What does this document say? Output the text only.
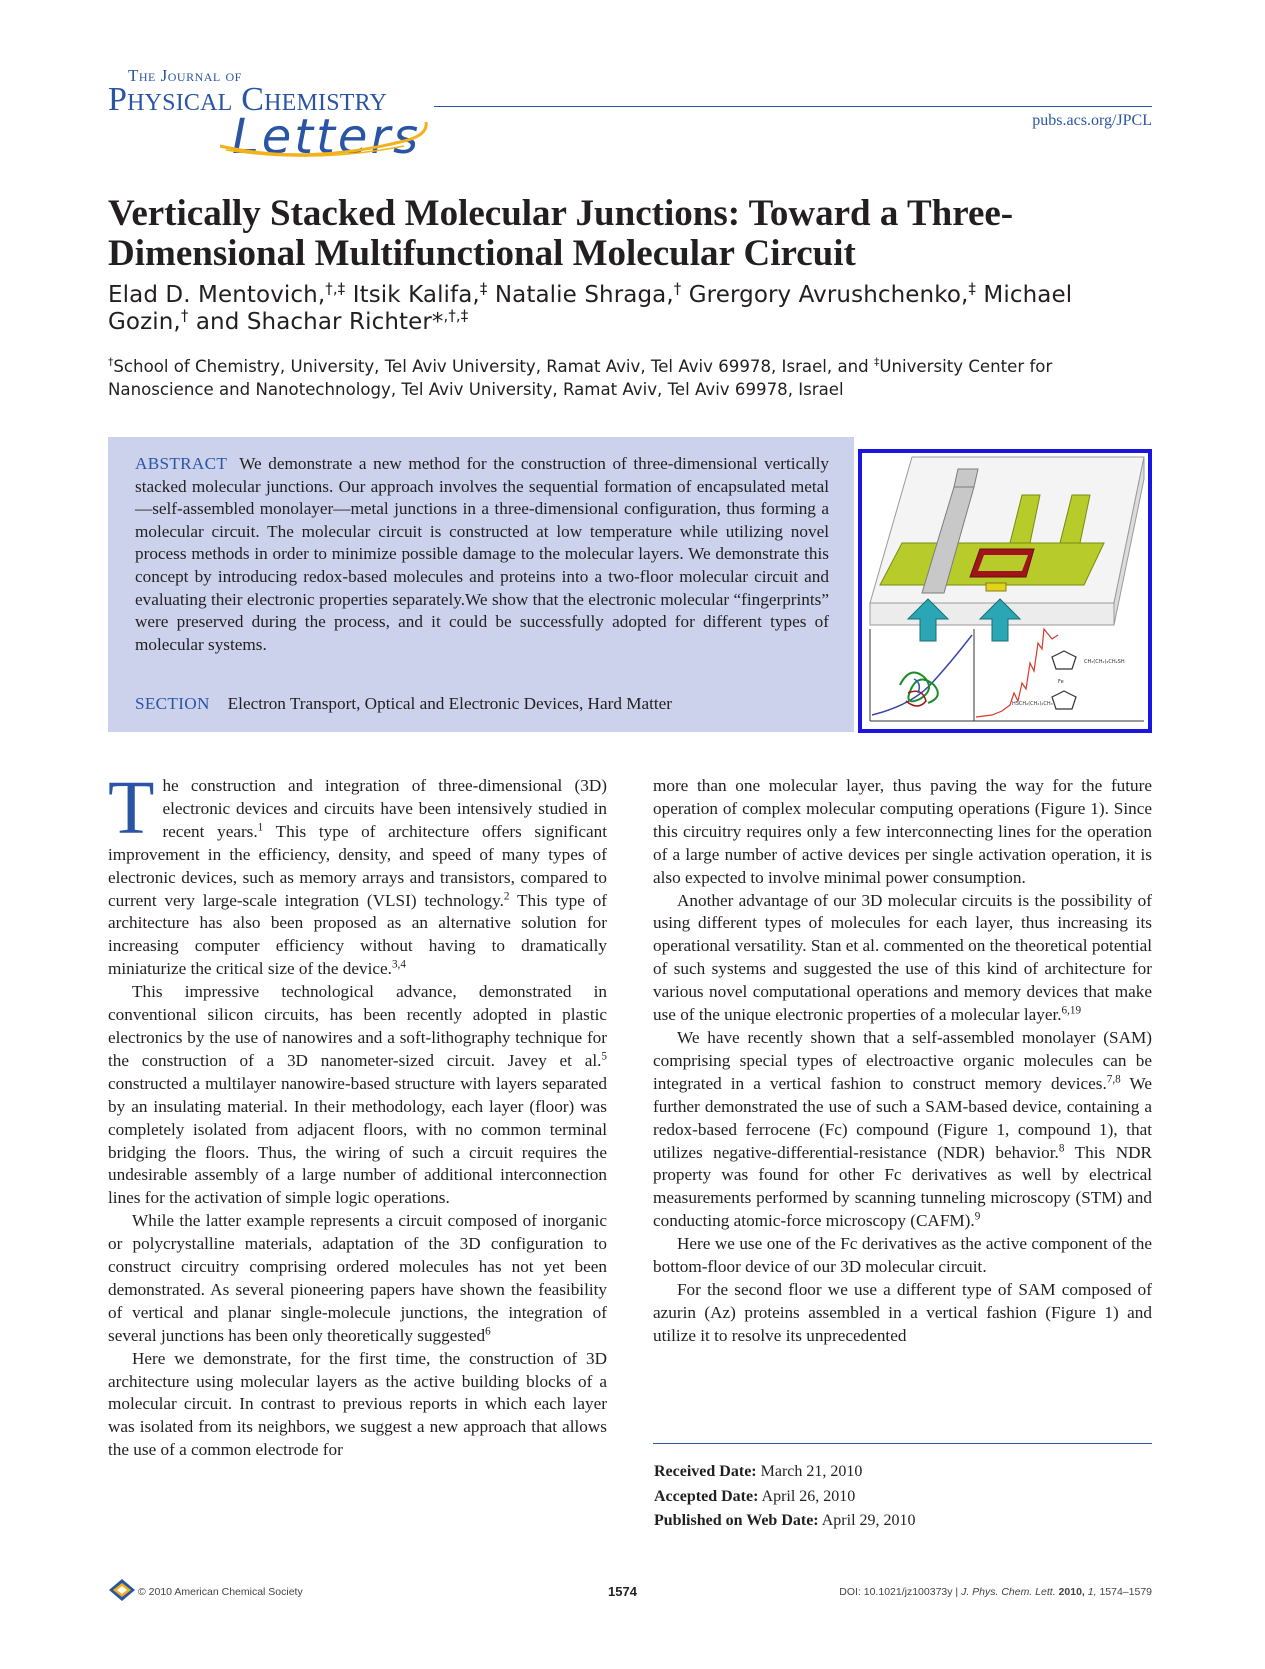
The Journal of
Physical Chemistry
Letters	pubs.acs.org/JPCL
Vertically Stacked Molecular Junctions: Toward a Three-Dimensional Multifunctional Molecular Circuit
Elad D. Mentovich,†,‡ Itsik Kalifa,‡ Natalie Shraga,† Grergory Avrushchenko,‡ Michael Gozin,† and Shachar Richter*,†,‡
†School of Chemistry, University, Tel Aviv University, Ramat Aviv, Tel Aviv 69978, Israel, and ‡University Center for Nanoscience and Nanotechnology, Tel Aviv University, Ramat Aviv, Tel Aviv 69978, Israel
ABSTRACT We demonstrate a new method for the construction of three-dimensional vertically stacked molecular junctions. Our approach involves the sequential formation of encapsulated metal—self-assembled monolayer—metal junctions in a three-dimensional configuration, thus forming a molecular circuit. The molecular circuit is constructed at low temperature while utilizing novel process methods in order to minimize possible damage to the molecular layers. We demonstrate this concept by introducing redox-based molecules and proteins into a two-floor molecular circuit and evaluating their electronic properties separately.We show that the electronic molecular “fingerprints” were preserved during the process, and it could be successfully adopted for different types of molecular systems.
SECTION Electron Transport, Optical and Electronic Devices, Hard Matter
CH₃(CH₂)₂CH₂SH
Fe
HSCH₂(CH₂)₂CH₃

The construction and integration of three-dimensional (3D) electronic devices and circuits have been intensively studied in recent years.$^1$ This type of architecture offers significant improvement in the efficiency, density, and speed of many types of electronic devices, such as memory arrays and transistors, compared to current very large-scale integration (VLSI) technology.$^2$ This type of architecture has also been proposed as an alternative solution for increasing computer efficiency without having to dramatically miniaturize the critical size of the device.$^{3,4}$

This impressive technological advance, demonstrated in conventional silicon circuits, has been recently adopted in plastic electronics by the use of nanowires and a soft-lithography technique for the construction of a 3D nanometer-sized circuit. Javey et al.$^5$ constructed a multilayer nanowire-based structure with layers separated by an insulating material. In their methodology, each layer (floor) was completely isolated from adjacent floors, with no common terminal bridging the floors. Thus, the wiring of such a circuit requires the undesirable assembly of a large number of additional interconnection lines for the activation of simple logic operations.

While the latter example represents a circuit composed of inorganic or polycrystalline materials, adaptation of the 3D configuration to construct circuitry comprising ordered molecules has not yet been demonstrated. As several pioneering papers have shown the feasibility of vertical and planar single-molecule junctions, the integration of several junctions has been only theoretically suggested$^6$

Here we demonstrate, for the first time, the construction of 3D architecture using molecular layers as the active building blocks of a molecular circuit. In contrast to previous reports in which each layer was isolated from its neighbors, we suggest a new approach that allows the use of a common electrode for

more than one molecular layer, thus paving the way for the future operation of complex molecular computing operations (Figure 1). Since this circuitry requires only a few interconnecting lines for the operation of a large number of active devices per single activation operation, it is also expected to involve minimal power consumption.

Another advantage of our 3D molecular circuits is the possibility of using different types of molecules for each layer, thus increasing its operational versatility. Stan et al. commented on the theoretical potential of such systems and suggested the use of this kind of architecture for various novel computational operations and memory devices that make use of the unique electronic properties of a molecular layer.$^{6,19}$

We have recently shown that a self-assembled monolayer (SAM) comprising special types of electroactive organic molecules can be integrated in a vertical fashion to construct memory devices.$^{7,8}$ We further demonstrated the use of such a SAM-based device, containing a redox-based ferrocene (Fc) compound (Figure 1, compound 1), that utilizes negative-differential-resistance (NDR) behavior.$^8$ This NDR property was found for other Fc derivatives as well by electrical measurements performed by scanning tunneling microscopy (STM) and conducting atomic-force microscopy (CAFM).$^9$

Here we use one of the Fc derivatives as the active component of the bottom-floor device of our 3D molecular circuit.

For the second floor we use a different type of SAM composed of azurin (Az) proteins assembled in a vertical fashion (Figure 1) and utilize it to resolve its unprecedented

Received Date: March 21, 2010
Accepted Date: April 26, 2010
Published on Web Date: April 29, 2010
© 2010 American Chemical Society	1574	DOI: 10.1021/jz100373y | J. Phys. Chem. Lett. 2010, 1, 1574–1579
